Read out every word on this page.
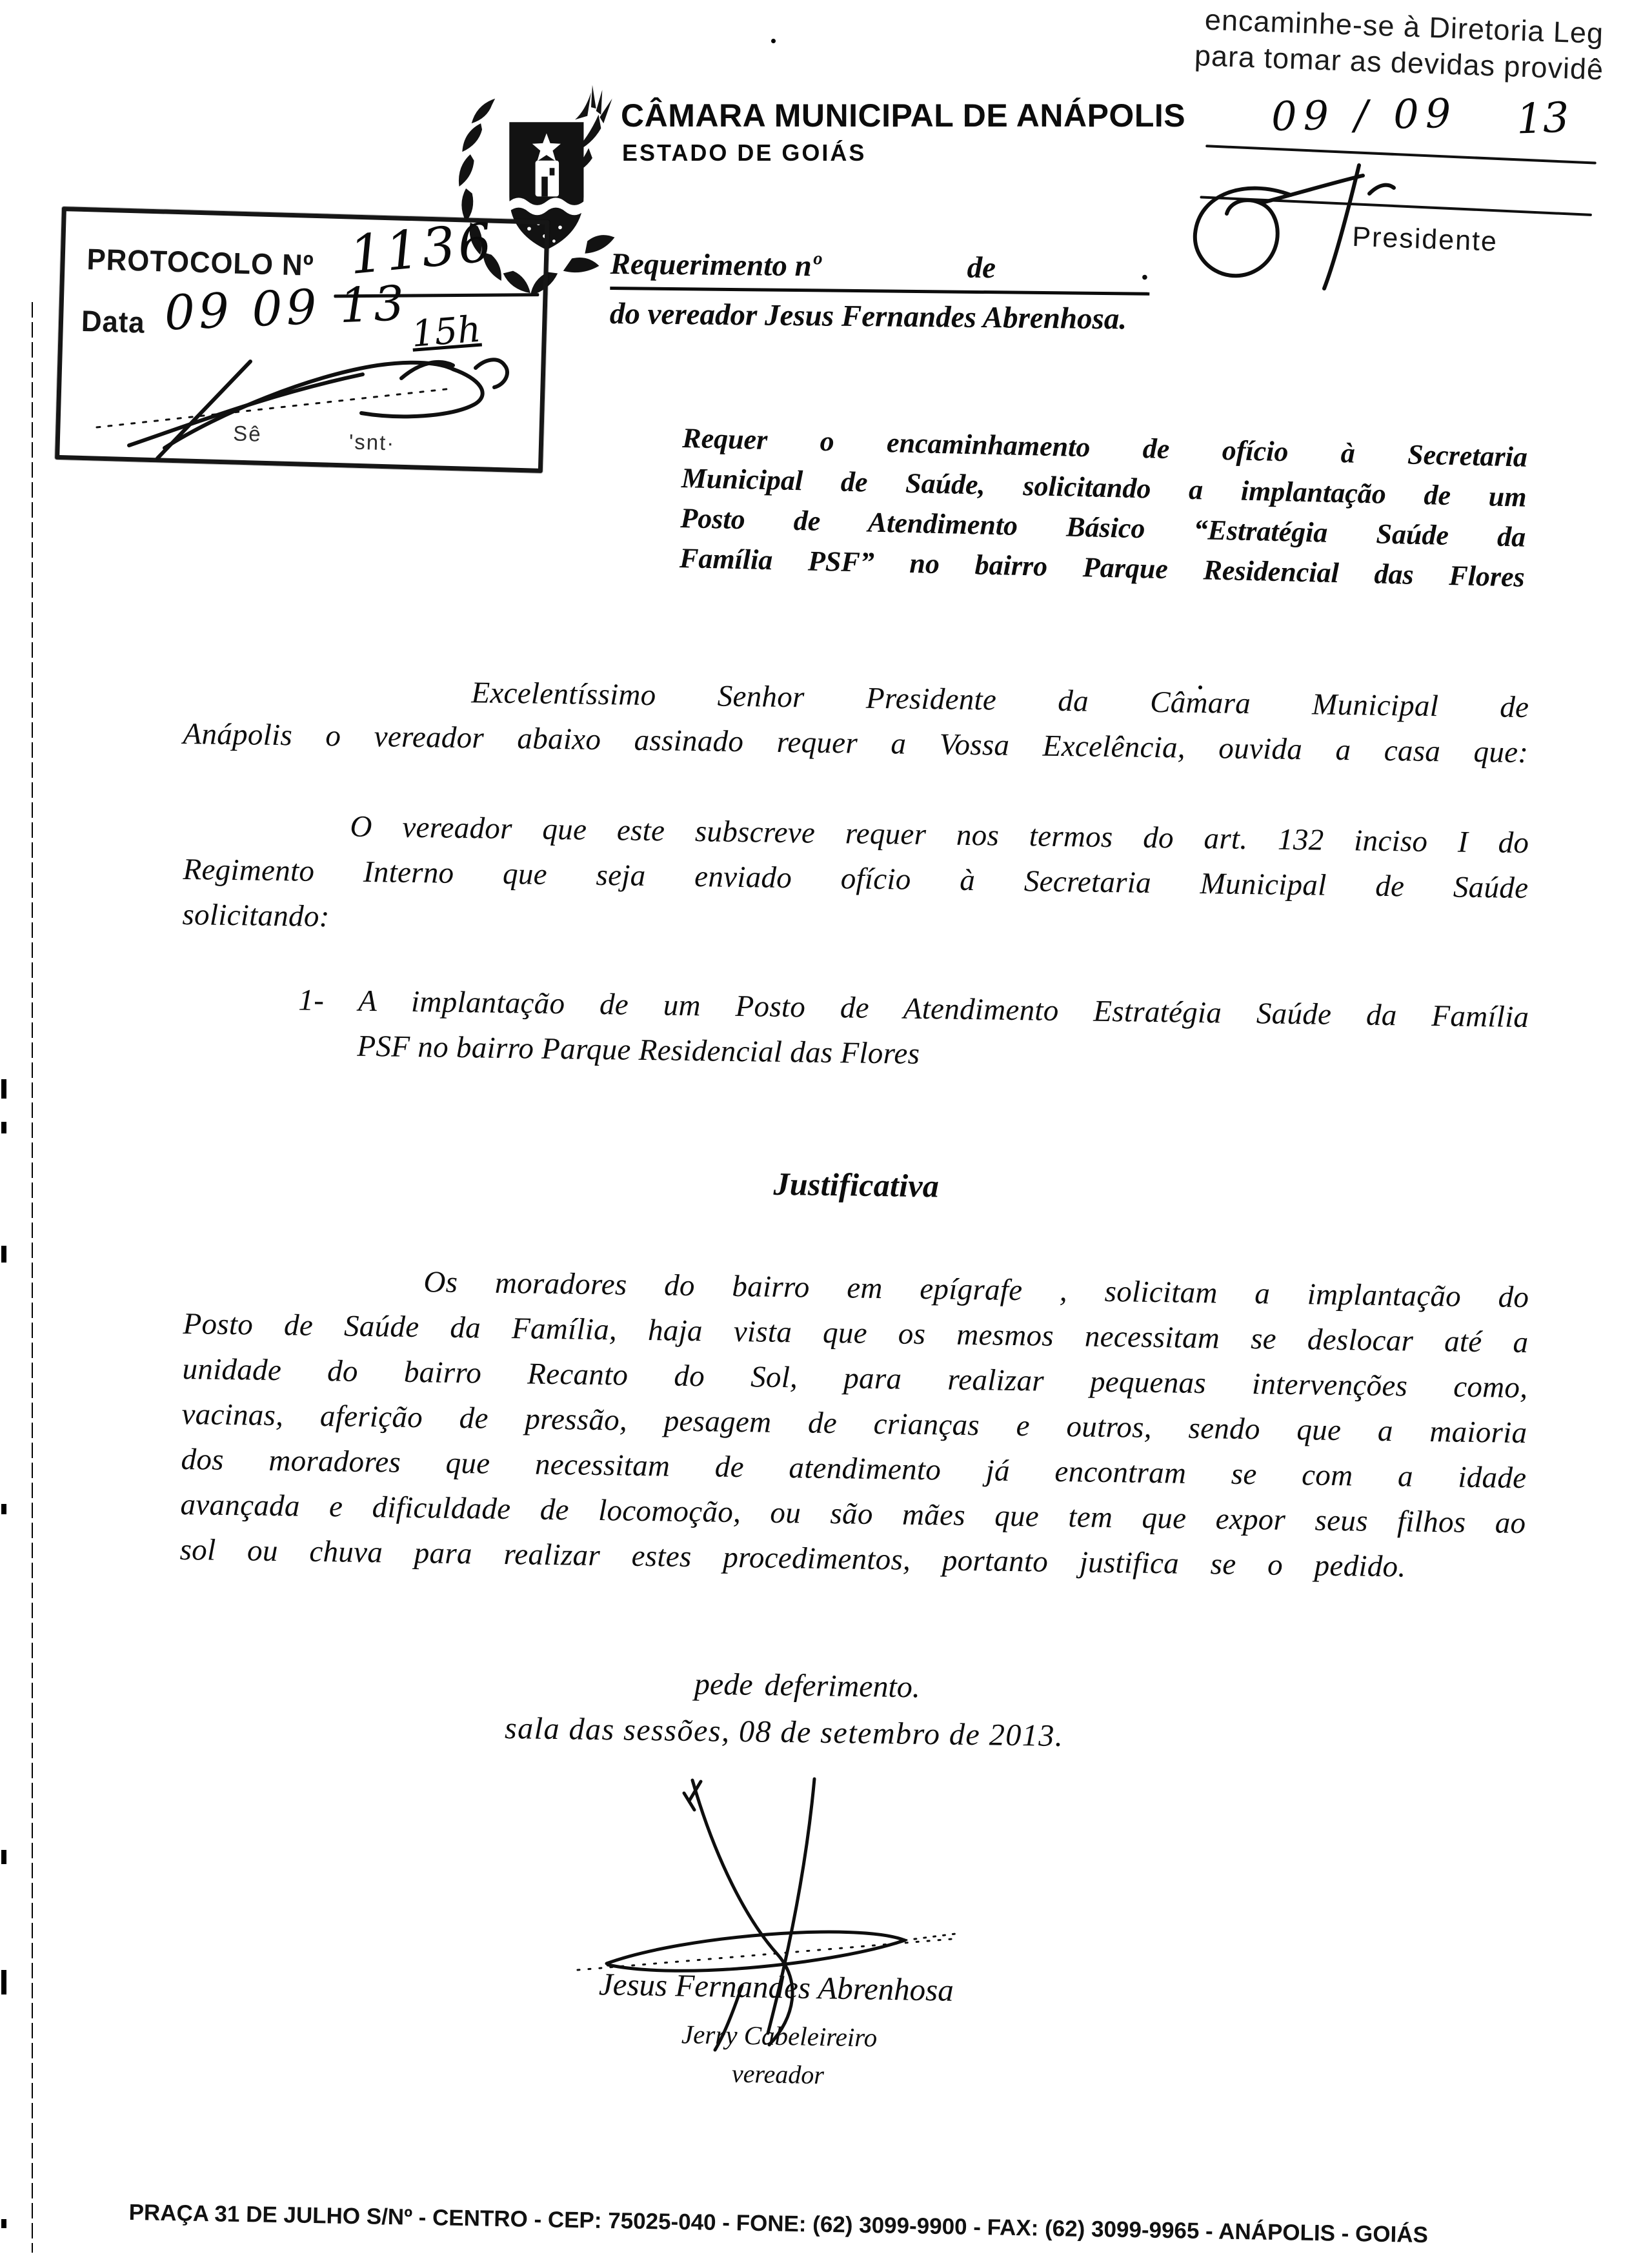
CÂMARA MUNICIPAL DE ANÁPOLIS
ESTADO DE GOIÁS
encaminhe-se à Diretoria Leg
para tomar as devidas providê
09 / 09 13
Presidente
PROTOCOLO Nº 1136
Data 09 09 13 15h
Sê	'snt·
Requerimento nº	de	.
do vereador Jesus Fernandes Abrenhosa.
Requer o encaminhamento de ofício à Secretaria
Municipal de Saúde, solicitando a implantação de um
Posto de Atendimento Básico “Estratégia Saúde da
Família PSF” no bairro Parque Residencial das Flores
Excelentíssimo Senhor Presidente da Câmara Municipal de
Anápolis o vereador abaixo assinado requer a Vossa Excelência, ouvida a casa que:
O vereador que este subscreve requer nos termos do art. 132 inciso I do
Regimento Interno que seja enviado ofício à Secretaria Municipal de Saúde
solicitando:
1- A implantação de um Posto de Atendimento Estratégia Saúde da Família
PSF no bairro Parque Residencial das Flores
Justificativa
Os moradores do bairro em epígrafe , solicitam a implantação do
Posto de Saúde da Família, haja vista que os mesmos necessitam se deslocar até a
unidade do bairro Recanto do Sol, para realizar pequenas intervenções como,
vacinas, aferição de pressão, pesagem de crianças e outros, sendo que a maioria
dos moradores que necessitam de atendimento já encontram se com a idade
avançada e dificuldade de locomoção, ou são mães que tem que expor seus filhos ao
sol ou chuva para realizar estes procedimentos, portanto justifica se o pedido.
pede deferimento.
sala das sessões, 08 de setembro de 2013.
Jesus Fernandes Abrenhosa
Jerry Cabeleireiro
vereador
PRAÇA 31 DE JULHO S/Nº - CENTRO - CEP: 75025-040 - FONE: (62) 3099-9900 - FAX: (62) 3099-9965 - ANÁPOLIS - GOIÁS
